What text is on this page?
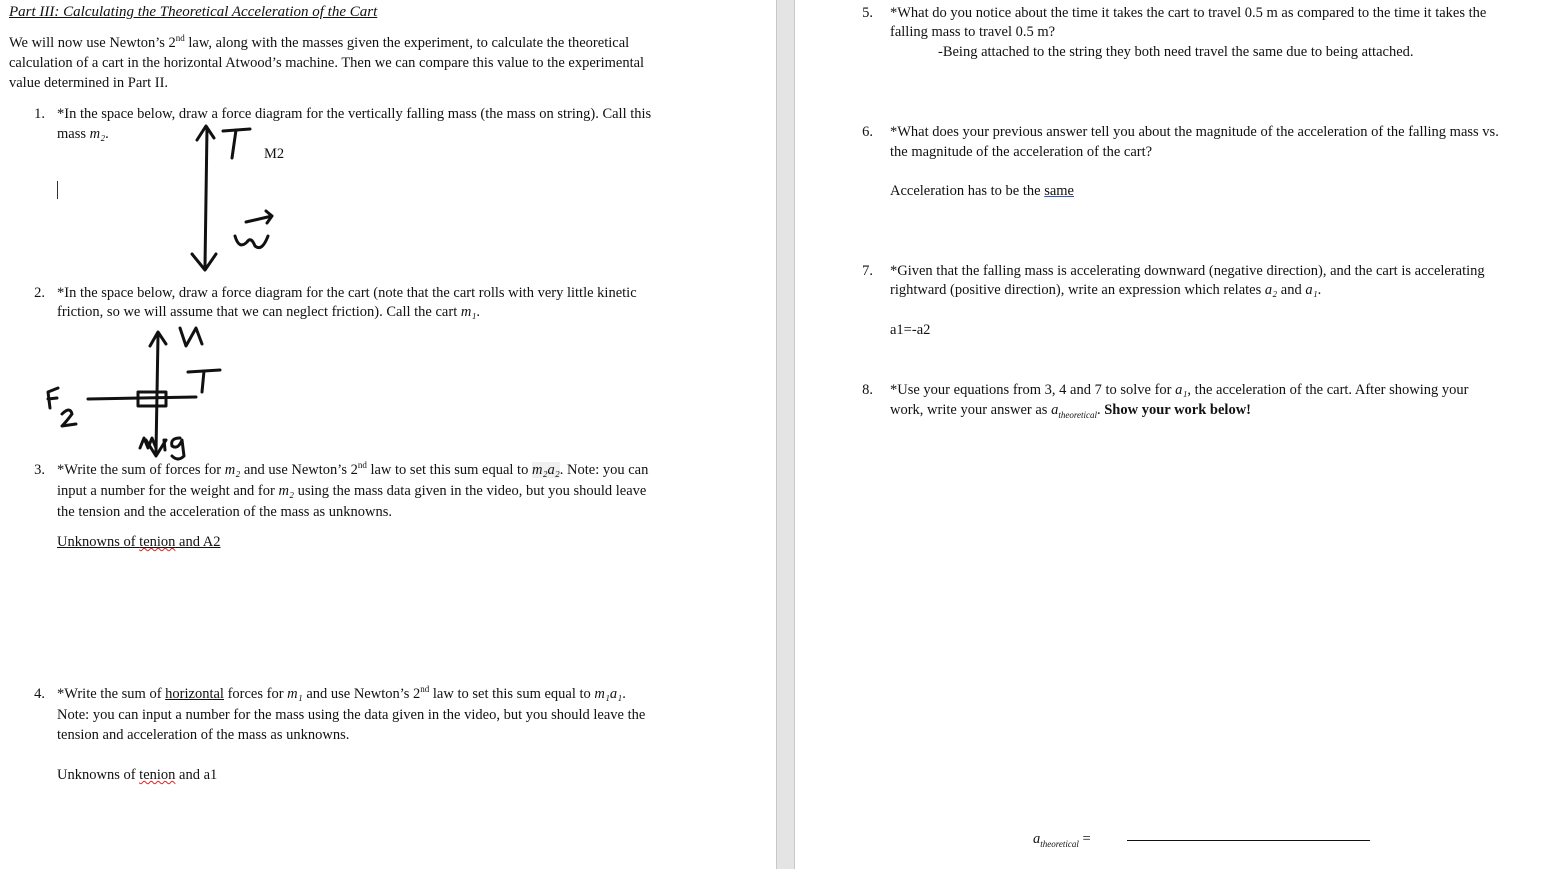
Part III: Calculating the Theoretical Acceleration of the Cart
We will now use Newton’s 2nd law, along with the masses given the experiment, to calculate the theoretical
calculation of a cart in the horizontal Atwood’s machine. Then we can compare this value to the experimental
value determined in Part II.
1. *In the space below, draw a force diagram for the vertically falling mass (the mass on string). Call this
mass m₂.
M2
2. *In the space below, draw a force diagram for the cart (note that the cart rolls with very little kinetic
friction, so we will assume that we can neglect friction). Call the cart m₁.
3. *Write the sum of forces for m₂ and use Newton’s 2nd law to set this sum equal to m₂a₂. Note: you can
input a number for the weight and for m₂ using the mass data given in the video, but you should leave
the tension and the acceleration of the mass as unknowns.
Unknowns of tenion and A2
4. *Write the sum of horizontal forces for m₁ and use Newton’s 2nd law to set this sum equal to m₁a₁.
Note: you can input a number for the mass using the data given in the video, but you should leave the
tension and acceleration of the mass as unknowns.
Unknowns of tenion and a1
5. *What do you notice about the time it takes the cart to travel 0.5 m as compared to the time it takes the
falling mass to travel 0.5 m?
-Being attached to the string they both need travel the same due to being attached.
6. *What does your previous answer tell you about the magnitude of the acceleration of the falling mass vs.
the magnitude of the acceleration of the cart?
Acceleration has to be the same
7. *Given that the falling mass is accelerating downward (negative direction), and the cart is accelerating
rightward (positive direction), write an expression which relates a₂ and a₁.
a1=-a2
8. *Use your equations from 3, 4 and 7 to solve for a₁, the acceleration of the cart. After showing your
work, write your answer as $a_{theoretical}$. Show your work below!
$a_{theoretical}$ =
